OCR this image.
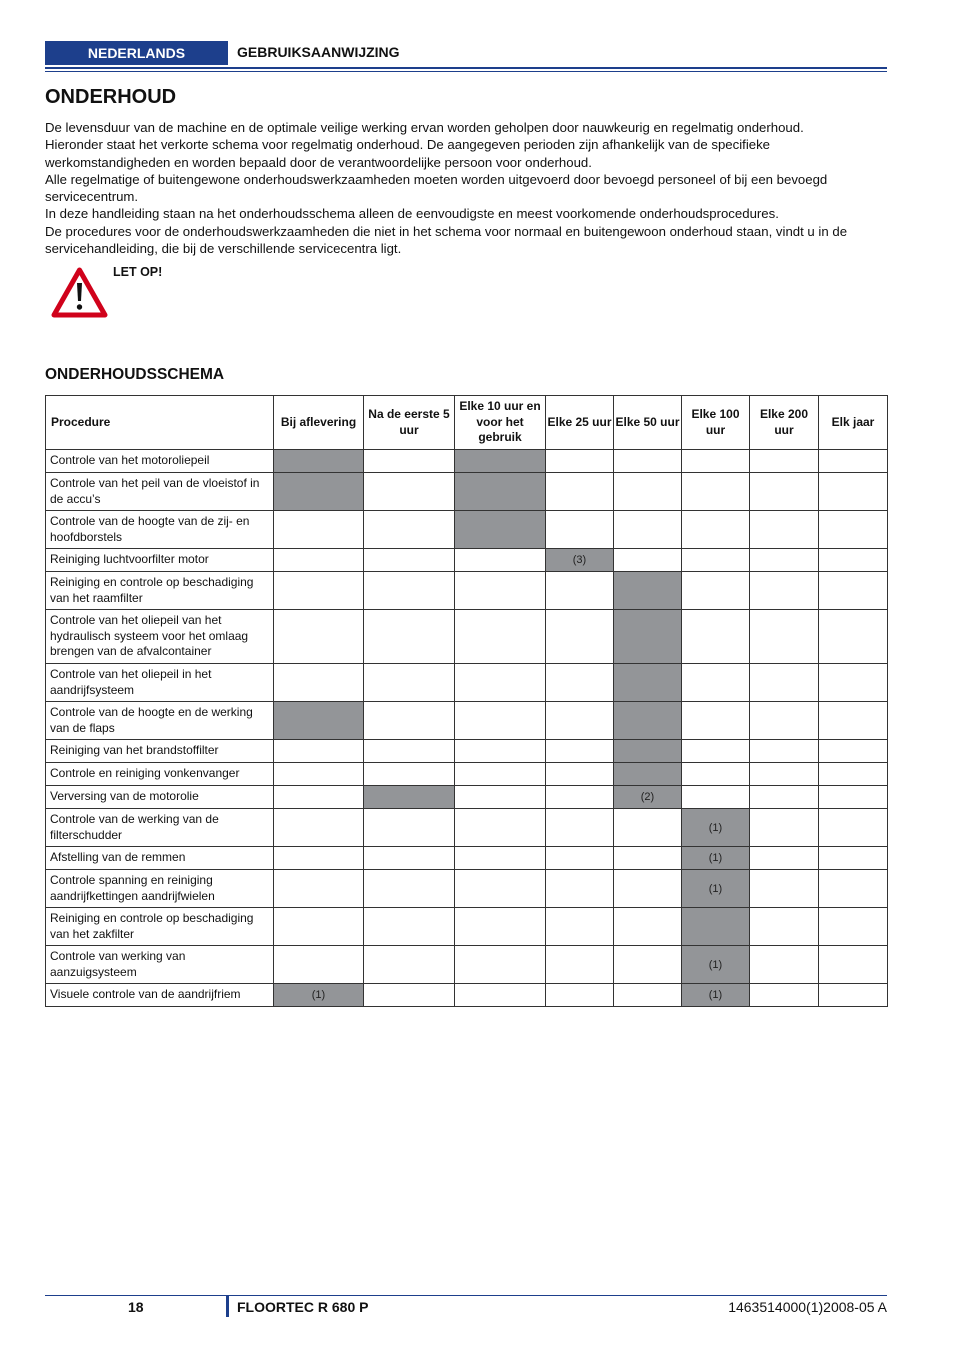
NEDERLANDS	GEBRUIKSAANWIJZING
ONDERHOUD

De levensduur van de machine en de optimale veilige werking ervan worden geholpen door nauwkeurig en regelmatig onderhoud.

Hieronder staat het verkorte schema voor regelmatig onderhoud. De aangegeven perioden zijn afhankelijk van de specifieke werkomstandigheden en worden bepaald door de verantwoordelijke persoon voor onderhoud.

Alle regelmatige of buitengewone onderhoudswerkzaamheden moeten worden uitgevoerd door bevoegd personeel of bij een bevoegd servicecentrum.

In deze handleiding staan na het onderhoudsschema alleen de eenvoudigste en meest voorkomende onderhoudsprocedures.

De procedures voor de onderhoudswerkzaamheden die niet in het schema voor normaal en buitengewoon onderhoud staan, vindt u in de servicehandleiding, die bij de verschillende servicecentra ligt.

LET OP!
ONDERHOUDSSCHEMA
Procedure	Bij aflevering	Na de eerste 5 uur	Elke 10 uur en voor het gebruik	Elke 25 uur	Elke 50 uur	Elke 100 uur	Elke 200 uur	Elk jaar
Controle van het motoroliepeil								
Controle van het peil van de vloeistof in de accu’s								
Controle van de hoogte van de zij- en hoofdborstels								
Reiniging luchtvoorfilter motor				(3)				
Reiniging en controle op beschadiging van het raamfilter								
Controle van het oliepeil van het hydraulisch systeem voor het omlaag brengen van de afvalcontainer								
Controle van het oliepeil in het aandrijfsysteem								
Controle van de hoogte en de werking van de flaps								
Reiniging van het brandstoffilter								
Controle en reiniging vonkenvanger								
Verversing van de motorolie					(2)			
Controle van de werking van de filterschudder						(1)		
Afstelling van de remmen						(1)		
Controle spanning en reiniging aandrijfkettingen aandrijfwielen						(1)		
Reiniging en controle op beschadiging van het zakfilter								
Controle van werking van aanzuigsysteem						(1)		
Visuele controle van de aandrijfriem	(1)					(1)		
18	FLOORTEC R 680 P	1463514000(1)2008-05 A
